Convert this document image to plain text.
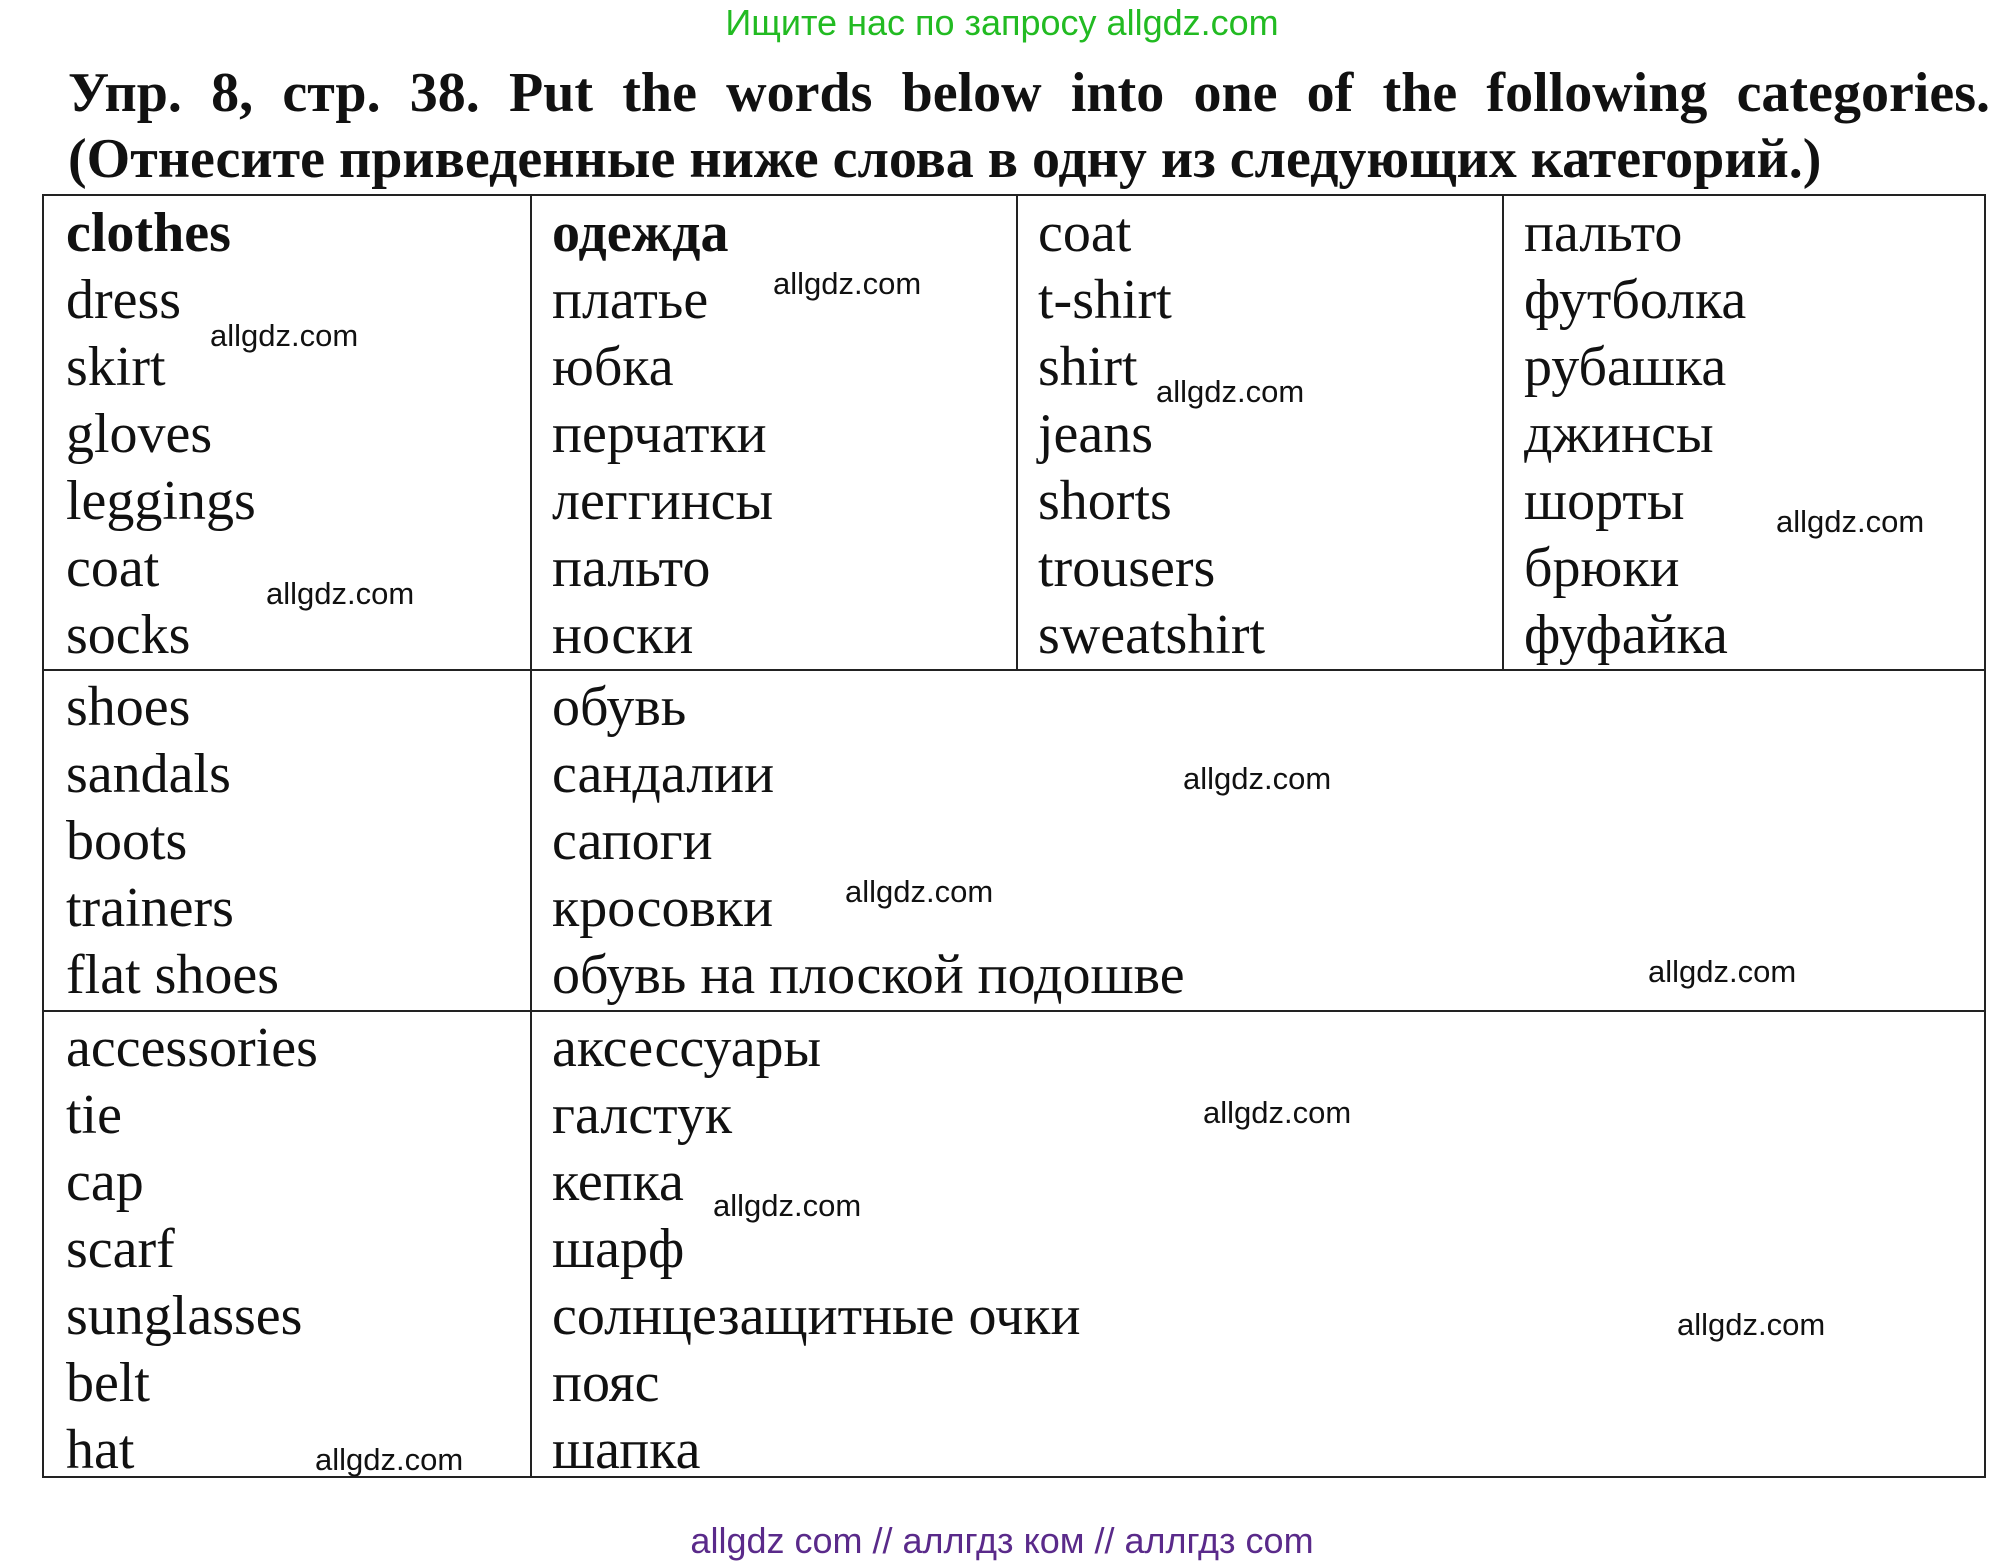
Ищите нас по запросу allgdz.com
Упр. 8, стр. 38. Put the words below into one of the following categories.
(Отнесите приведенные ниже слова в одну из следующих категорий.)
clothes
dress
skirt
gloves
leggings
coat
socks
одежда
платье
юбка
перчатки
леггинсы
пальто
носки
coat
t-shirt
shirt
jeans
shorts
trousers
sweatshirt
пальто
футболка
рубашка
джинсы
шорты
брюки
фуфайка
shoes
sandals
boots
trainers
flat shoes
обувь
сандалии
сапоги
кросовки
обувь на плоской подошве
accessories
tie
cap
scarf
sunglasses
belt
hat
аксессуары
галстук
кепка
шарф
солнцезащитные очки
пояс
шапка
allgdz.com
allgdz.com
allgdz.com
allgdz.com
allgdz.com
allgdz.com
allgdz.com
allgdz.com
allgdz.com
allgdz.com
allgdz.com
allgdz.com
allgdz com // аллгдз ком // аллгдз com
